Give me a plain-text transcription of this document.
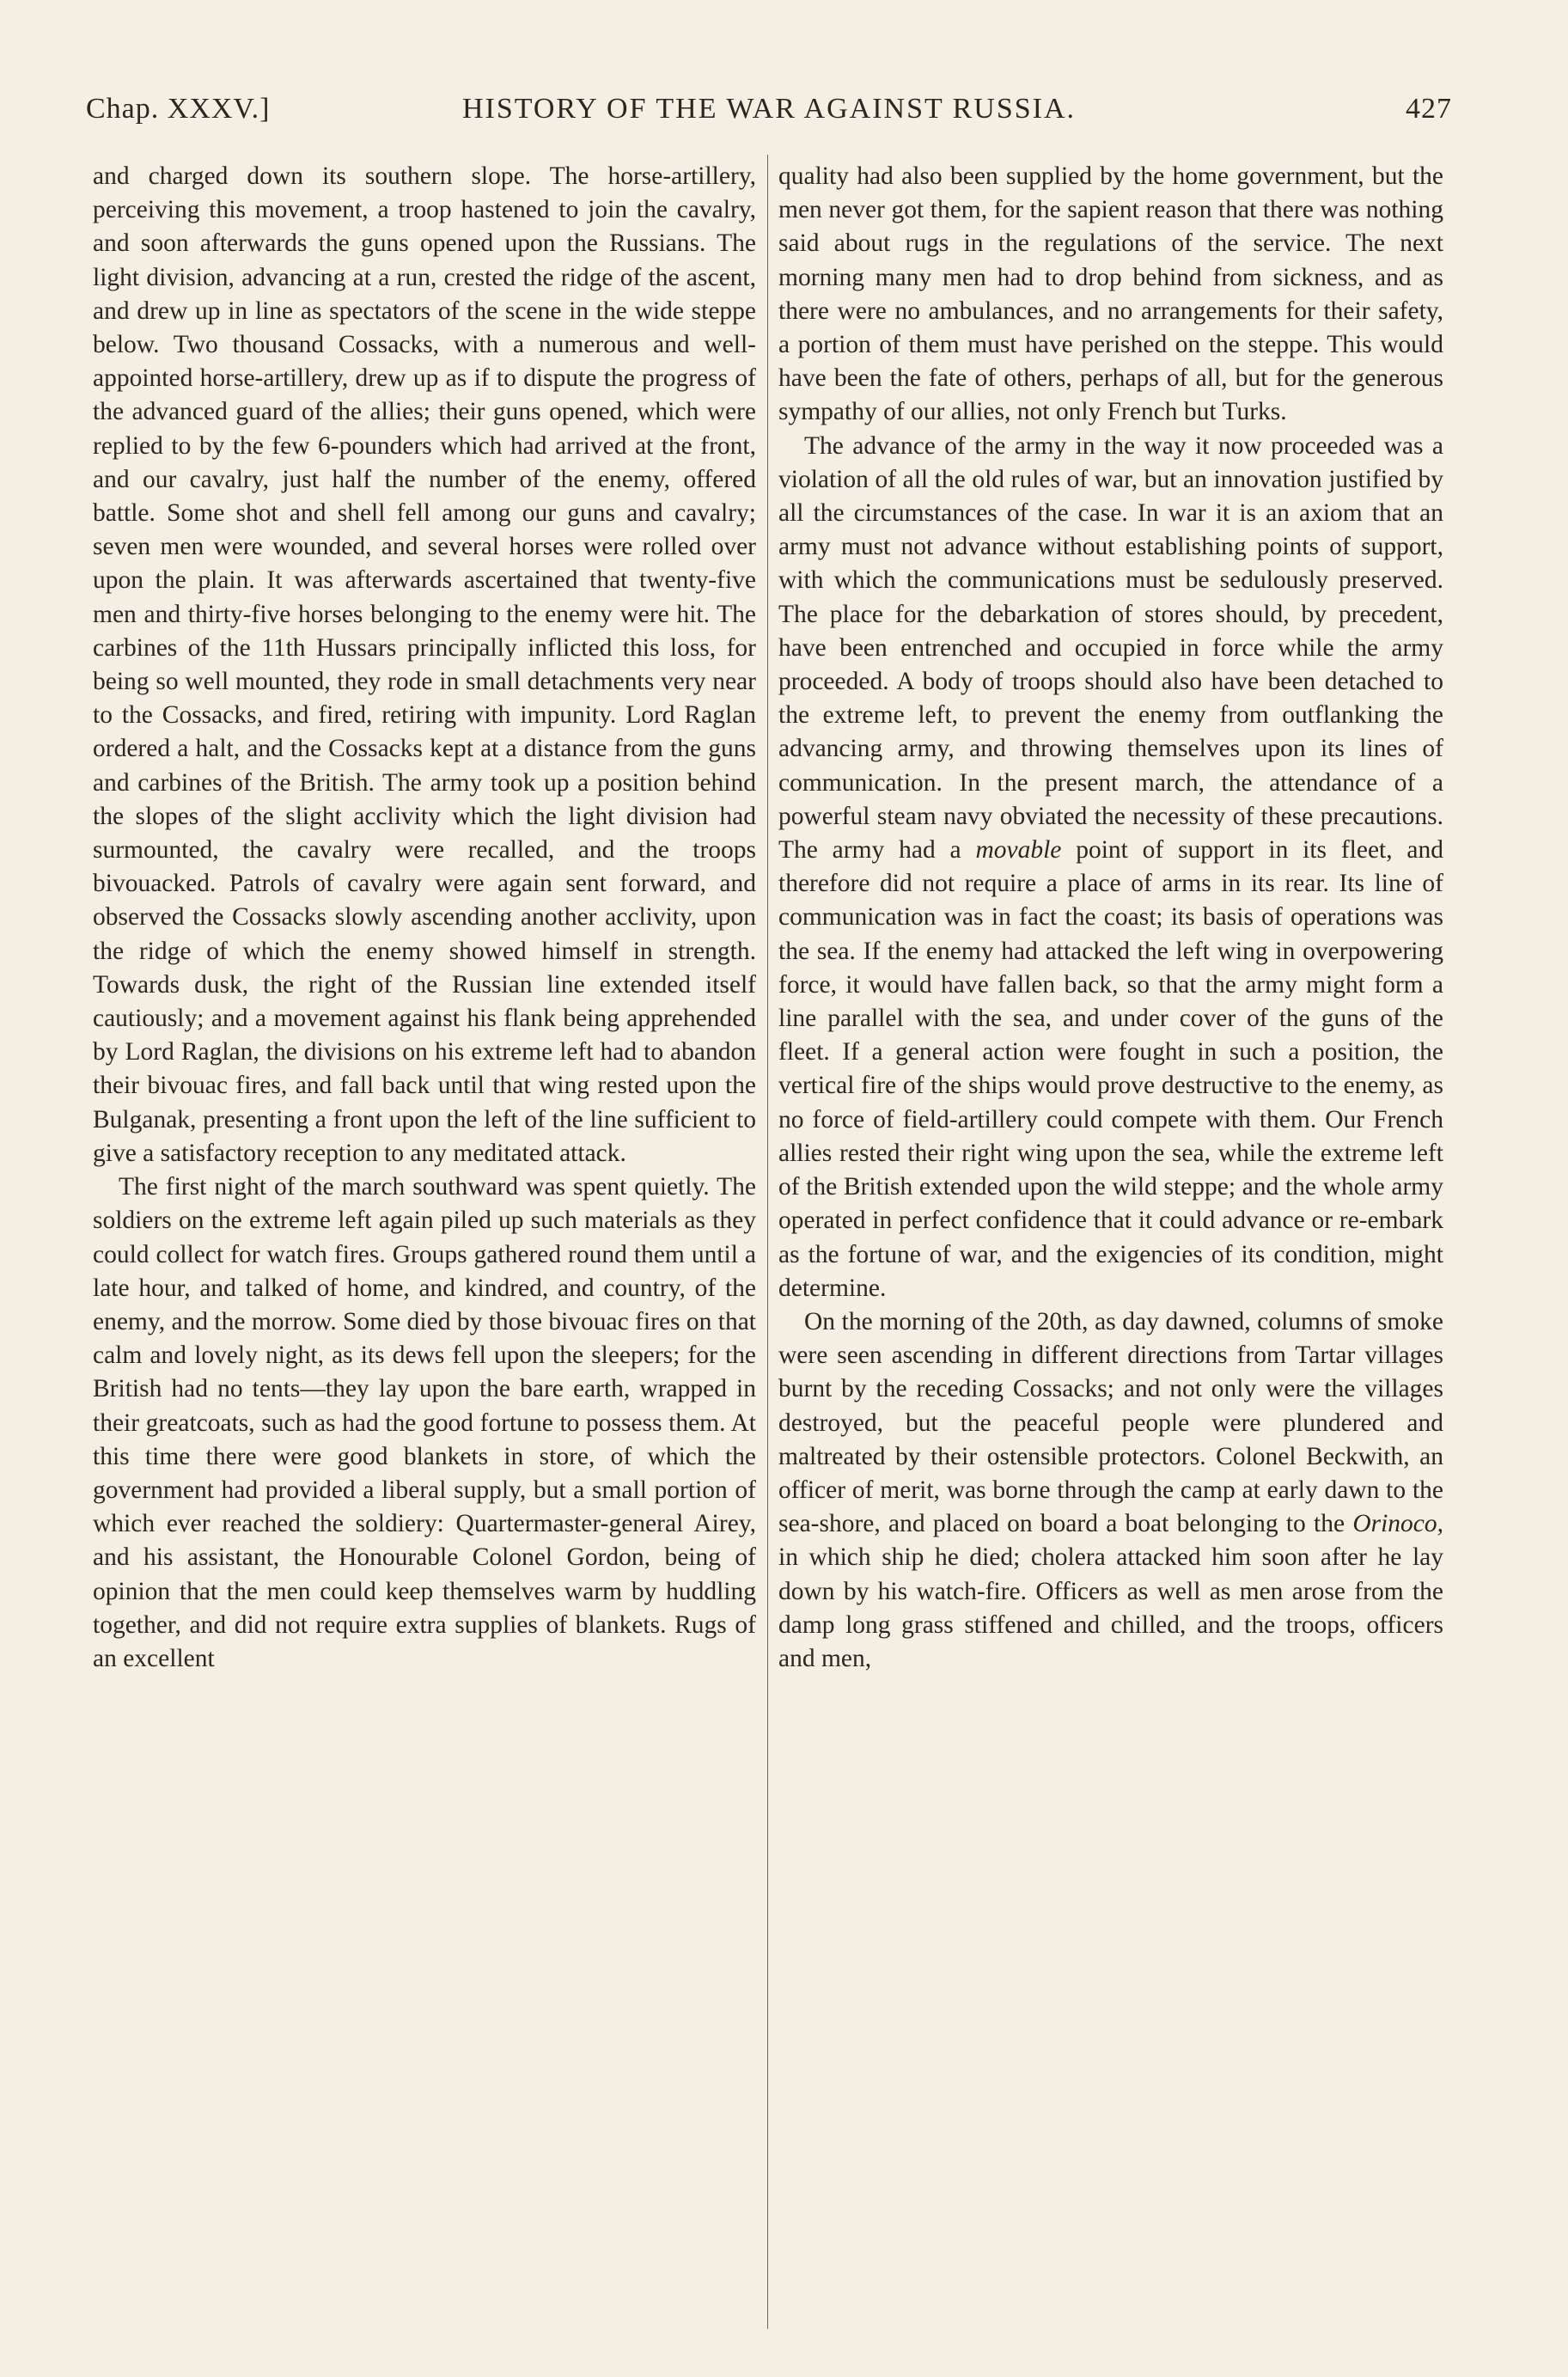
Chap. XXXV.]	HISTORY OF THE WAR AGAINST RUSSIA.	427

and charged down its southern slope. The horse-artillery, perceiving this movement, a troop hastened to join the cavalry, and soon afterwards the guns opened upon the Russians. The light division, advancing at a run, crested the ridge of the ascent, and drew up in line as spectators of the scene in the wide steppe below. Two thousand Cossacks, with a numerous and well-appointed horse-artillery, drew up as if to dispute the progress of the advanced guard of the allies; their guns opened, which were replied to by the few 6-pounders which had arrived at the front, and our cavalry, just half the number of the enemy, offered battle. Some shot and shell fell among our guns and cavalry; seven men were wounded, and several horses were rolled over upon the plain. It was afterwards ascertained that twenty-five men and thirty-five horses belonging to the enemy were hit. The carbines of the 11th Hussars principally inflicted this loss, for being so well mounted, they rode in small detachments very near to the Cossacks, and fired, retiring with impunity. Lord Raglan ordered a halt, and the Cossacks kept at a distance from the guns and carbines of the British. The army took up a position behind the slopes of the slight acclivity which the light division had surmounted, the cavalry were recalled, and the troops bivouacked. Patrols of cavalry were again sent forward, and observed the Cossacks slowly ascending another acclivity, upon the ridge of which the enemy showed himself in strength. Towards dusk, the right of the Russian line extended itself cautiously; and a movement against his flank being apprehended by Lord Raglan, the divisions on his extreme left had to abandon their bivouac fires, and fall back until that wing rested upon the Bulganak, presenting a front upon the left of the line sufficient to give a satisfactory reception to any meditated attack.

The first night of the march southward was spent quietly. The soldiers on the extreme left again piled up such materials as they could collect for watch fires. Groups gathered round them until a late hour, and talked of home, and kindred, and country, of the enemy, and the morrow. Some died by those bivouac fires on that calm and lovely night, as its dews fell upon the sleepers; for the British had no tents—they lay upon the bare earth, wrapped in their greatcoats, such as had the good fortune to possess them. At this time there were good blankets in store, of which the government had provided a liberal supply, but a small portion of which ever reached the soldiery: Quartermaster-general Airey, and his assistant, the Honourable Colonel Gordon, being of opinion that the men could keep themselves warm by huddling together, and did not require extra supplies of blankets. Rugs of an excellent

quality had also been supplied by the home government, but the men never got them, for the sapient reason that there was nothing said about rugs in the regulations of the service. The next morning many men had to drop behind from sickness, and as there were no ambulances, and no arrangements for their safety, a portion of them must have perished on the steppe. This would have been the fate of others, perhaps of all, but for the generous sympathy of our allies, not only French but Turks.

The advance of the army in the way it now proceeded was a violation of all the old rules of war, but an innovation justified by all the circumstances of the case. In war it is an axiom that an army must not advance without establishing points of support, with which the communications must be sedulously preserved. The place for the debarkation of stores should, by precedent, have been entrenched and occupied in force while the army proceeded. A body of troops should also have been detached to the extreme left, to prevent the enemy from outflanking the advancing army, and throwing themselves upon its lines of communication. In the present march, the attendance of a powerful steam navy obviated the necessity of these precautions. The army had a movable point of support in its fleet, and therefore did not require a place of arms in its rear. Its line of communication was in fact the coast; its basis of operations was the sea. If the enemy had attacked the left wing in overpowering force, it would have fallen back, so that the army might form a line parallel with the sea, and under cover of the guns of the fleet. If a general action were fought in such a position, the vertical fire of the ships would prove destructive to the enemy, as no force of field-artillery could compete with them. Our French allies rested their right wing upon the sea, while the extreme left of the British extended upon the wild steppe; and the whole army operated in perfect confidence that it could advance or re-embark as the fortune of war, and the exigencies of its condition, might determine.

On the morning of the 20th, as day dawned, columns of smoke were seen ascending in different directions from Tartar villages burnt by the receding Cossacks; and not only were the villages destroyed, but the peaceful people were plundered and maltreated by their ostensible protectors. Colonel Beckwith, an officer of merit, was borne through the camp at early dawn to the sea-shore, and placed on board a boat belonging to the Orinoco, in which ship he died; cholera attacked him soon after he lay down by his watch-fire. Officers as well as men arose from the damp long grass stiffened and chilled, and the troops, officers and men,
